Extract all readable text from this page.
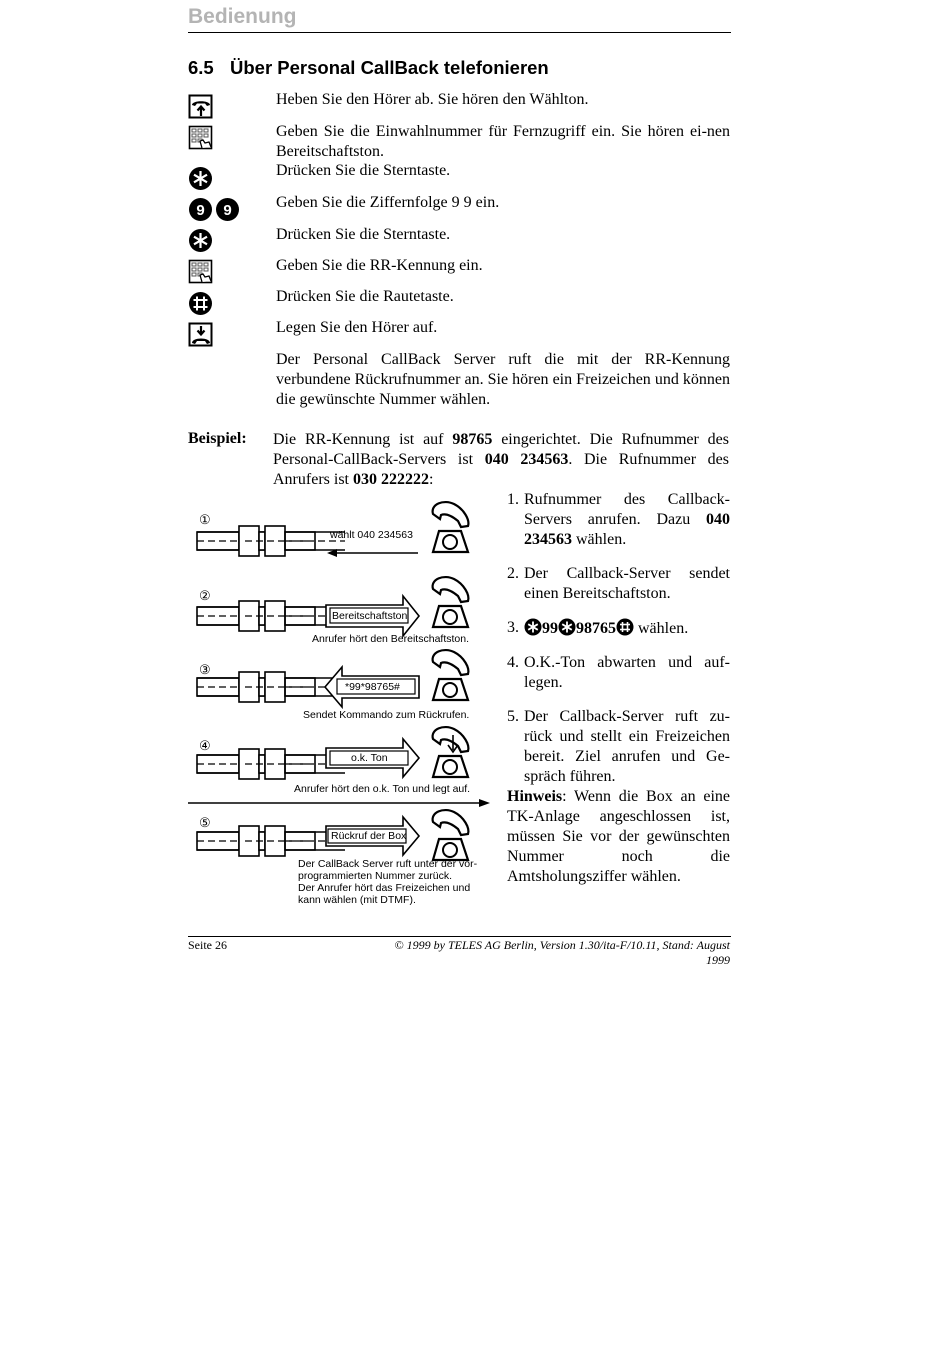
Bedienung
6.5 Über Personal CallBack telefonieren
9 9
Heben Sie den Hörer ab. Sie hören den Wählton.
Geben Sie die Einwahlnummer für Fernzugriff ein. Sie hören ei-nen Bereitschaftston.
Drücken Sie die Sterntaste.
Geben Sie die Ziffernfolge 9 9 ein.
Drücken Sie die Sterntaste.
Geben Sie die RR-Kennung ein.
Drücken Sie die Rautetaste.
Legen Sie den Hörer auf.
Der Personal CallBack Server ruft die mit der RR-Kennung verbundene Rückrufnummer an. Sie hören ein Freizeichen und können die gewünschte Nummer wählen.
Beispiel: Die RR-Kennung ist auf 98765 eingerichtet. Die Rufnummer des Personal-CallBack-Servers ist 040 234563. Die Rufnummer des Anrufers ist 030 222222:
1. Rufnummer des Callback-Servers anrufen. Dazu 040 234563 wählen.
2. Der Callback-Server sendet einen Bereitschaftston.
3. 99 98765 wählen.
4. O.K.-Ton abwarten und auf-legen.
5. Der Callback-Server ruft zu-rück und stellt ein Freizeichen bereit. Ziel anrufen und Ge-spräch führen.
Hinweis: Wenn die Box an eine TK-Anlage angeschlossen ist, müssen Sie vor der gewünschten Nummer noch die Amtsholungsziffer wählen.
①
wählt 040 234563
②
Bereitschaftston
Anrufer hört den Bereitschaftston.
③
*99*98765#
Sendet Kommando zum Rückrufen.
④
o.k. Ton
Anrufer hört den o.k. Ton und legt auf.
⑤
Rückruf der Box
Der CallBack Server ruft unter der vor-
programmierten Nummer zurück.
Der Anrufer hört das Freizeichen und
kann wählen (mit DTMF).
Seite 26	© 1999 by TELES AG Berlin, Version 1.30/ita-F/10.11, Stand: August 1999
